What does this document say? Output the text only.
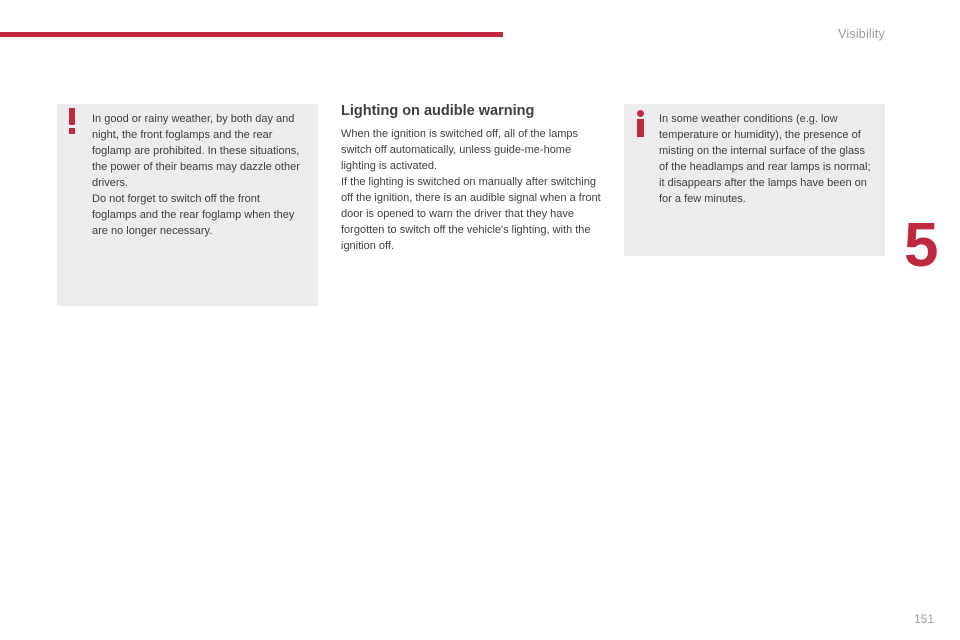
Visibility
5

In good or rainy weather, by both day and night, the front foglamps and the rear foglamp are prohibited. In these situations, the power of their beams may dazzle other drivers.

Do not forget to switch off the front foglamps and the rear foglamp when they are no longer necessary.

Lighting on audible warning

When the ignition is switched off, all of the lamps switch off automatically, unless guide-me-home lighting is activated.

If the lighting is switched on manually after switching off the ignition, there is an audible signal when a front door is opened to warn the driver that they have forgotten to switch off the vehicle's lighting, with the ignition off.

In some weather conditions (e.g. low temperature or humidity), the presence of misting on the internal surface of the glass of the headlamps and rear lamps is normal; it disappears after the lamps have been on for a few minutes.

151
